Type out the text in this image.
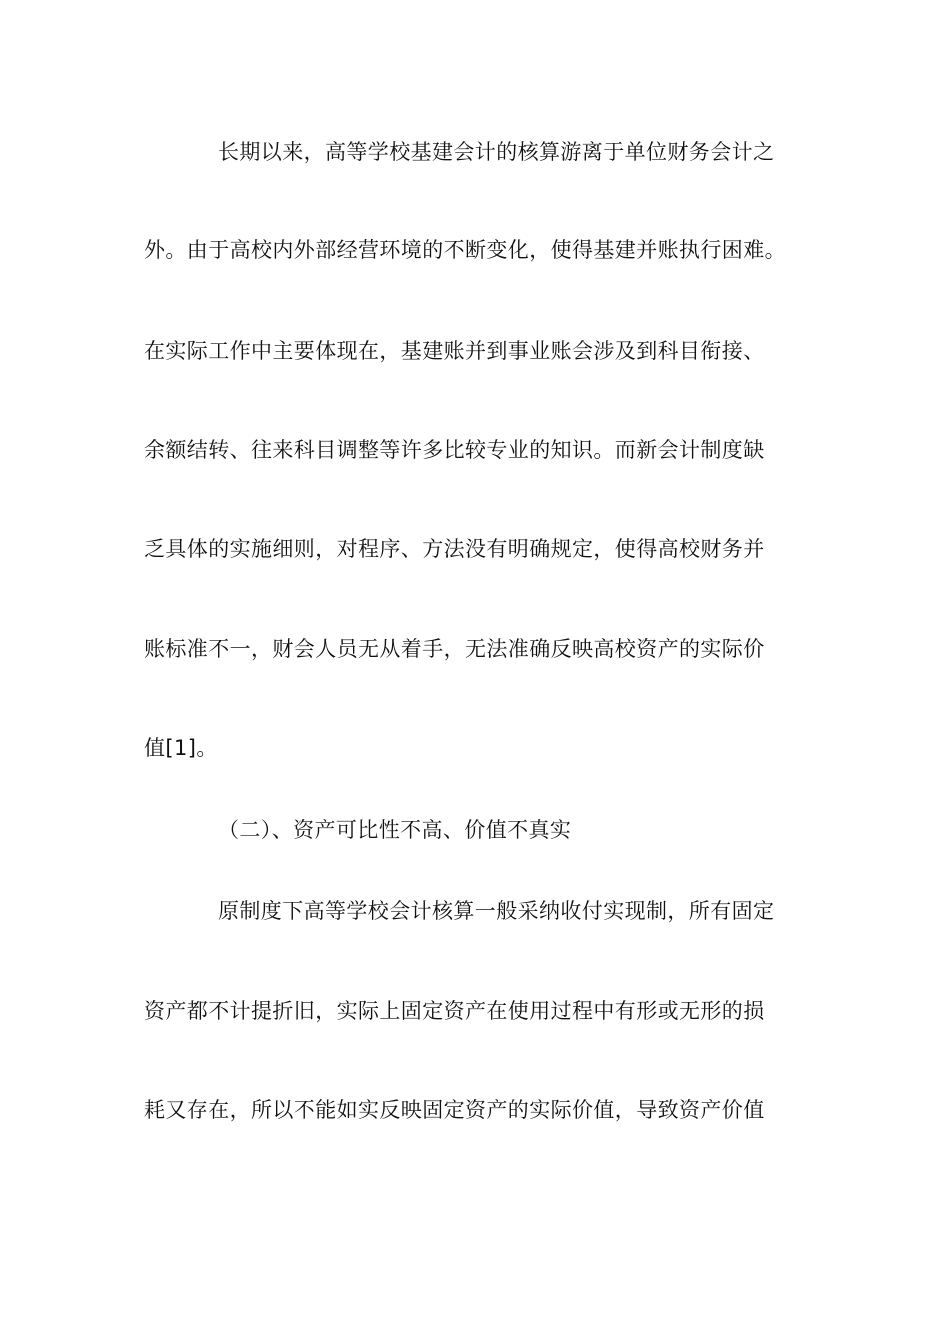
长期以来，高等学校基建会计的核算游离于单位财务会计之
外。由于高校内外部经营环境的不断变化，使得基建并账执行困难。
在实际工作中主要体现在，基建账并到事业账会涉及到科目衔接、
余额结转、往来科目调整等许多比较专业的知识。而新会计制度缺
乏具体的实施细则，对程序、方法没有明确规定，使得高校财务并
账标准不一，财会人员无从着手，无法准确反映高校资产的实际价
值[1]。
（二）、资产可比性不高、价值不真实
原制度下高等学校会计核算一般采纳收付实现制，所有固定
资产都不计提折旧，实际上固定资产在使用过程中有形或无形的损
耗又存在，所以不能如实反映固定资产的实际价值，导致资产价值
